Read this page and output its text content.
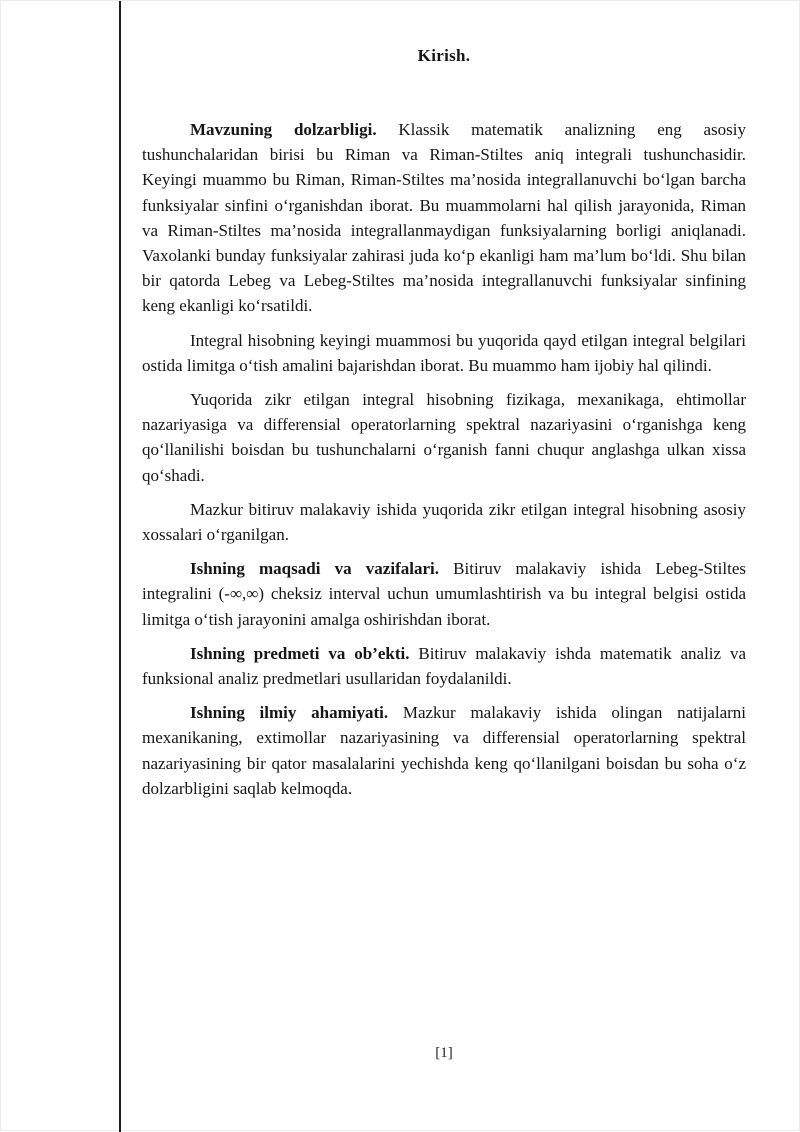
Kirish.

Mavzuning dolzarbligi. Klassik matematik analizning eng asosiy tushunchalaridan birisi bu Riman va Riman-Stiltes aniq integrali tushunchasidir. Keyingi muammo bu Riman, Riman-Stiltes ma’nosida integrallanuvchi bo‘lgan barcha funksiyalar sinfini o‘rganishdan iborat. Bu muammolarni hal qilish jarayonida, Riman va Riman-Stiltes ma’nosida integrallanmaydigan funksiyalarning borligi aniqlanadi. Vaxolanki bunday funksiyalar zahirasi juda ko‘p ekanligi ham ma’lum bo‘ldi. Shu bilan bir qatorda Lebeg va Lebeg-Stiltes ma’nosida integrallanuvchi funksiyalar sinfining keng ekanligi ko‘rsatildi.

Integral hisobning keyingi muammosi bu yuqorida qayd etilgan integral belgilari ostida limitga o‘tish amalini bajarishdan iborat. Bu muammo ham ijobiy hal qilindi.

Yuqorida zikr etilgan integral hisobning fizikaga, mexanikaga, ehtimollar nazariyasiga va differensial operatorlarning spektral nazariyasini o‘rganishga keng qo‘llanilishi boisdan bu tushunchalarni o‘rganish fanni chuqur anglashga ulkan xissa qo‘shadi.

Mazkur bitiruv malakaviy ishida yuqorida zikr etilgan integral hisobning asosiy xossalari o‘rganilgan.

Ishning maqsadi va vazifalari. Bitiruv malakaviy ishida Lebeg-Stiltes integralini (-∞,∞) cheksiz interval uchun umumlashtirish va bu integral belgisi ostida limitga o‘tish jarayonini amalga oshirishdan iborat.

Ishning predmeti va ob’ekti. Bitiruv malakaviy ishda matematik analiz va funksional analiz predmetlari usullaridan foydalanildi.

Ishning ilmiy ahamiyati. Mazkur malakaviy ishida olingan natijalarni mexanikaning, extimollar nazariyasining va differensial operatorlarning spektral nazariyasining bir qator masalalarini yechishda keng qo‘llanilgani boisdan bu soha o‘z dolzarbligini saqlab kelmoqda.

[1]
